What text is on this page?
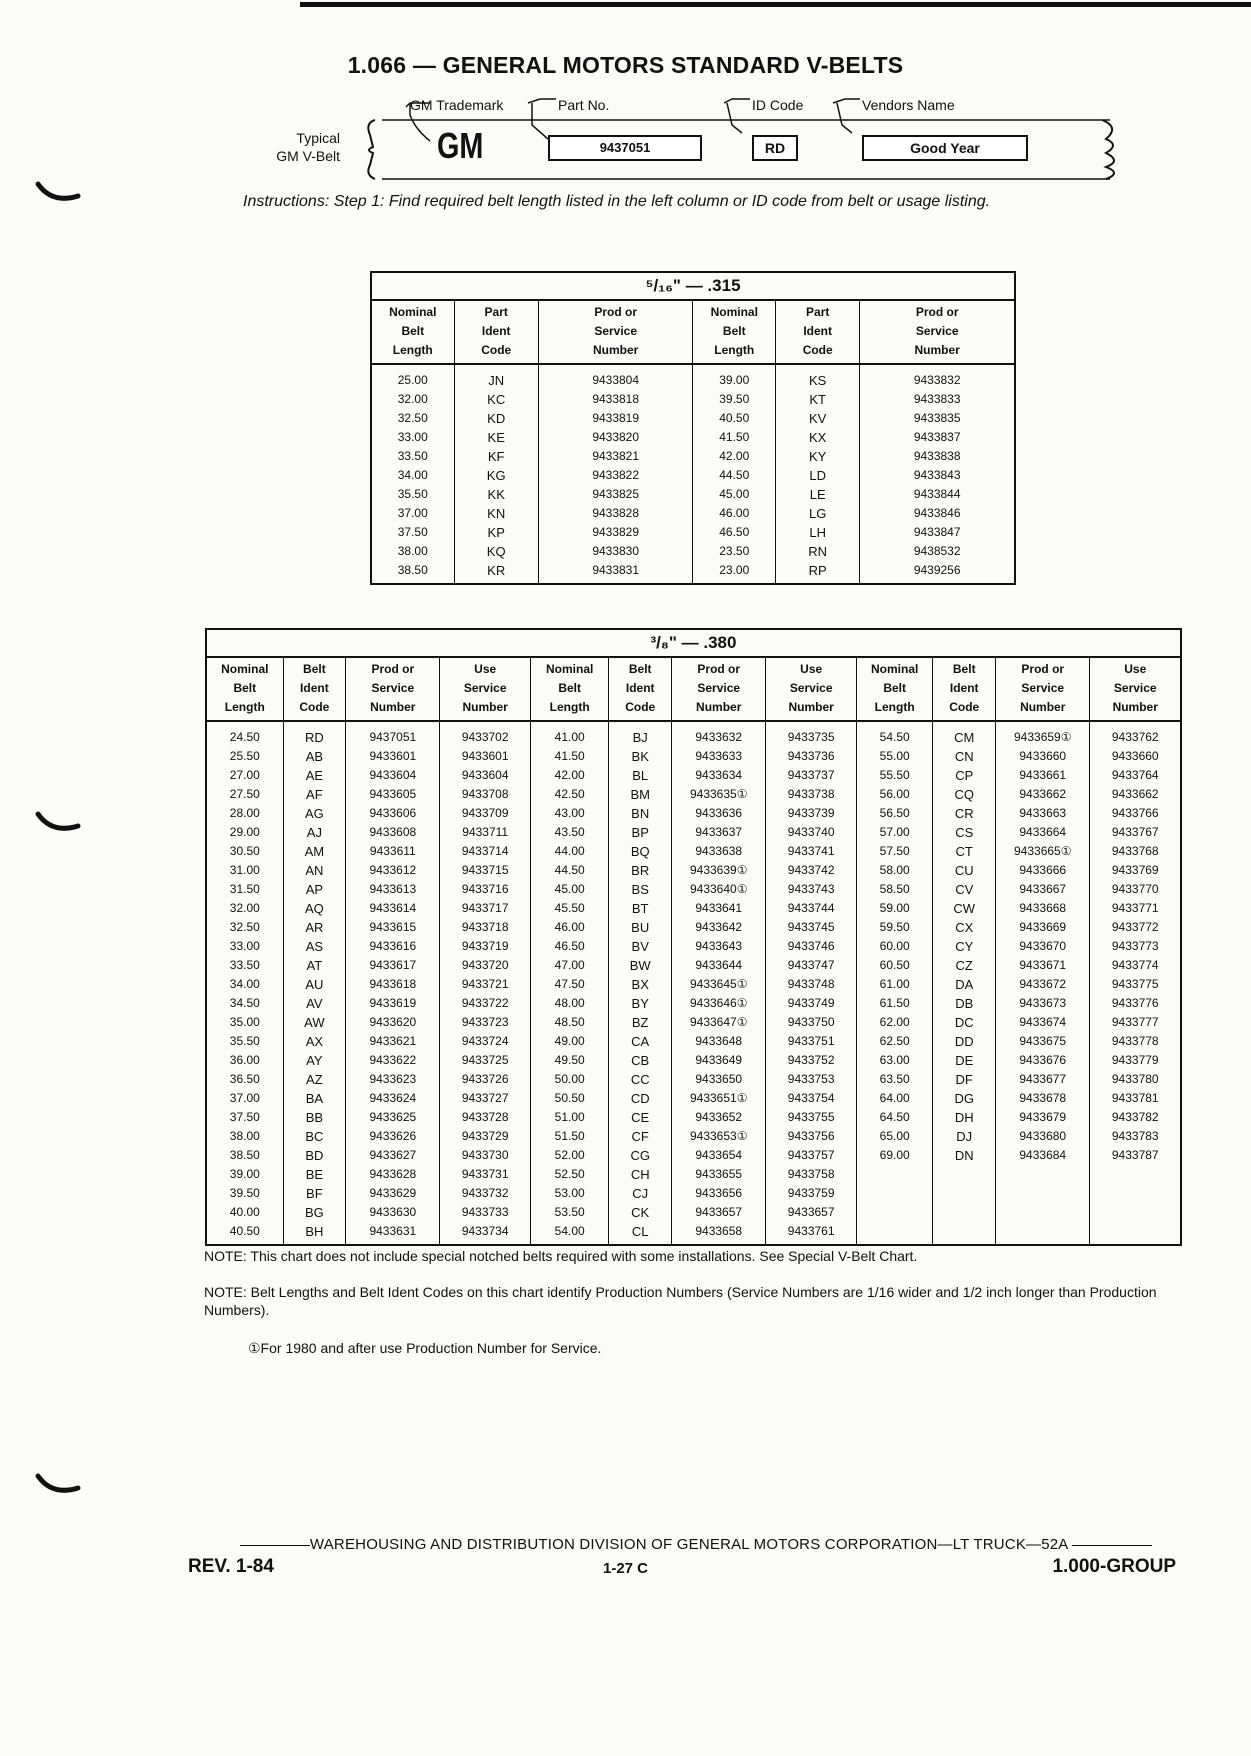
1.066 — GENERAL MOTORS STANDARD V-BELTS
Typical
GM V-Belt
GM Trademark	Part No.	ID Code	Vendors Name
GM	9437051	RD	Good Year
Instructions: Step 1: Find required belt length listed in the left column or ID code from belt or usage listing.
⁵/₁₆" — .315					
Nominal
Belt
Length	Part
Ident
Code	Prod or
Service
Number	Nominal
Belt
Length	Part
Ident
Code	Prod or
Service
Number
25.00	JN	9433804	39.00	KS	9433832
32.00	KC	9433818	39.50	KT	9433833
32.50	KD	9433819	40.50	KV	9433835
33.00	KE	9433820	41.50	KX	9433837
33.50	KF	9433821	42.00	KY	9433838
34.00	KG	9433822	44.50	LD	9433843
35.50	KK	9433825	45.00	LE	9433844
37.00	KN	9433828	46.00	LG	9433846
37.50	KP	9433829	46.50	LH	9433847
38.00	KQ	9433830	23.50	RN	9438532
38.50	KR	9433831	23.00	RP	9439256
³/₈" — .380											
Nominal
Belt
Length	Belt
Ident
Code	Prod or
Service
Number	Use
Service
Number	Nominal
Belt
Length	Belt
Ident
Code	Prod or
Service
Number	Use
Service
Number	Nominal
Belt
Length	Belt
Ident
Code	Prod or
Service
Number	Use
Service
Number
24.50	RD	9437051	9433702	41.00	BJ	9433632	9433735	54.50	CM	9433659①	9433762
25.50	AB	9433601	9433601	41.50	BK	9433633	9433736	55.00	CN	9433660	9433660
27.00	AE	9433604	9433604	42.00	BL	9433634	9433737	55.50	CP	9433661	9433764
27.50	AF	9433605	9433708	42.50	BM	9433635①	9433738	56.00	CQ	9433662	9433662
28.00	AG	9433606	9433709	43.00	BN	9433636	9433739	56.50	CR	9433663	9433766
29.00	AJ	9433608	9433711	43.50	BP	9433637	9433740	57.00	CS	9433664	9433767
30.50	AM	9433611	9433714	44.00	BQ	9433638	9433741	57.50	CT	9433665①	9433768
31.00	AN	9433612	9433715	44.50	BR	9433639①	9433742	58.00	CU	9433666	9433769
31.50	AP	9433613	9433716	45.00	BS	9433640①	9433743	58.50	CV	9433667	9433770
32.00	AQ	9433614	9433717	45.50	BT	9433641	9433744	59.00	CW	9433668	9433771
32.50	AR	9433615	9433718	46.00	BU	9433642	9433745	59.50	CX	9433669	9433772
33.00	AS	9433616	9433719	46.50	BV	9433643	9433746	60.00	CY	9433670	9433773
33.50	AT	9433617	9433720	47.00	BW	9433644	9433747	60.50	CZ	9433671	9433774
34.00	AU	9433618	9433721	47.50	BX	9433645①	9433748	61.00	DA	9433672	9433775
34.50	AV	9433619	9433722	48.00	BY	9433646①	9433749	61.50	DB	9433673	9433776
35.00	AW	9433620	9433723	48.50	BZ	9433647①	9433750	62.00	DC	9433674	9433777
35.50	AX	9433621	9433724	49.00	CA	9433648	9433751	62.50	DD	9433675	9433778
36.00	AY	9433622	9433725	49.50	CB	9433649	9433752	63.00	DE	9433676	9433779
36.50	AZ	9433623	9433726	50.00	CC	9433650	9433753	63.50	DF	9433677	9433780
37.00	BA	9433624	9433727	50.50	CD	9433651①	9433754	64.00	DG	9433678	9433781
37.50	BB	9433625	9433728	51.00	CE	9433652	9433755	64.50	DH	9433679	9433782
38.00	BC	9433626	9433729	51.50	CF	9433653①	9433756	65.00	DJ	9433680	9433783
38.50	BD	9433627	9433730	52.00	CG	9433654	9433757	69.00	DN	9433684	9433787
39.00	BE	9433628	9433731	52.50	CH	9433655	9433758				
39.50	BF	9433629	9433732	53.00	CJ	9433656	9433759				
40.00	BG	9433630	9433733	53.50	CK	9433657	9433657				
40.50	BH	9433631	9433734	54.00	CL	9433658	9433761				
NOTE: This chart does not include special notched belts required with some installations. See Special V-Belt Chart.
NOTE: Belt Lengths and Belt Ident Codes on this chart identify Production Numbers (Service Numbers are 1/16 wider and 1/2 inch longer than Production Numbers).
①For 1980 and after use Production Number for Service.
WAREHOUSING AND DISTRIBUTION DIVISION OF GENERAL MOTORS CORPORATION—LT TRUCK—52A
REV. 1-84	1-27 C	1.000-GROUP
